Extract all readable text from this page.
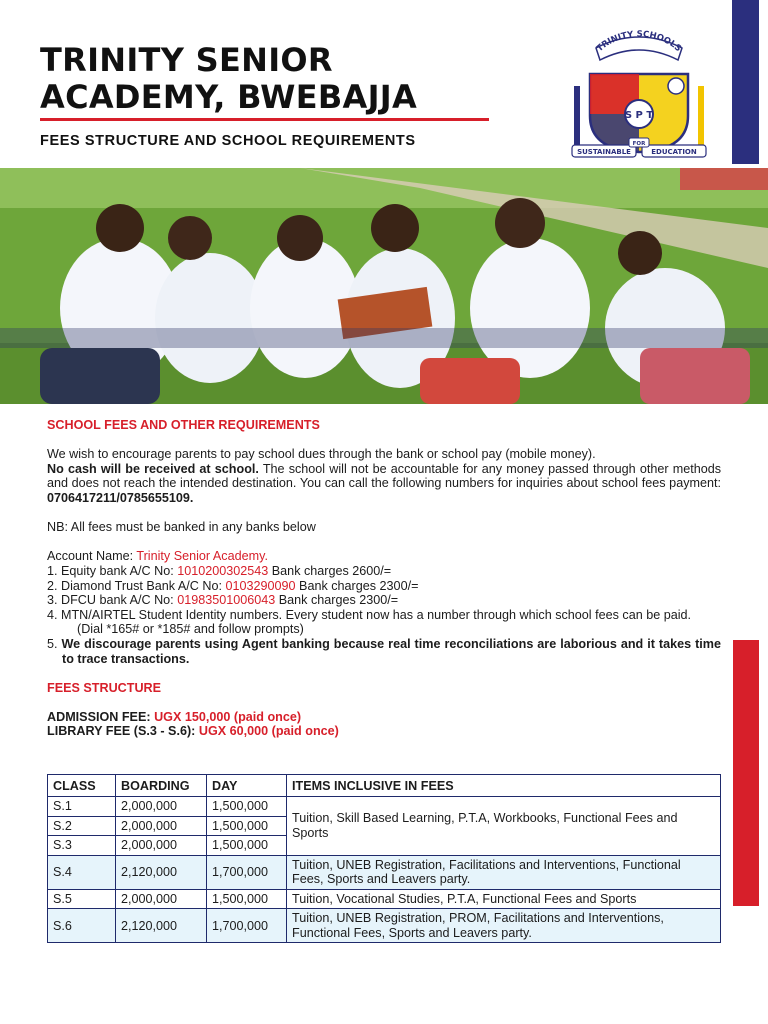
TRINITY SENIOR
ACADEMY, BWEBAJJA
FEES STRUCTURE AND SCHOOL REQUIREMENTS
S P T
TRINITY SCHOOLS
SUSTAINABLE
FOR
EDUCATION
SCHOOL FEES AND OTHER REQUIREMENTS

We wish to encourage parents to pay school dues through the bank or school pay (mobile money).
No cash will be received at school. The school will not be accountable for any money passed through other methods and does not reach the intended destination. You can call the following numbers for inquiries about school fees payment: 0706417211/0785655109.

NB: All fees must be banked in any banks below

Account Name: Trinity Senior Academy.

1. Equity bank A/C No: 1010200302543 Bank charges 2600/=
2. Diamond Trust Bank A/C No: 0103290090 Bank charges 2300/=
3. DFCU bank A/C No: 01983501006043 Bank charges 2300/=
4. MTN/AIRTEL Student Identity numbers. Every student now has a number through which school fees can be paid.
(Dial *165# or *185# and follow prompts)
5. We discourage parents using Agent banking because real time reconciliations are laborious and it takes time to trace transactions.
FEES STRUCTURE

ADMISSION FEE: UGX 150,000 (paid once)

LIBRARY FEE (S.3 - S.6): UGX 60,000 (paid once)

CLASS	BOARDING	DAY	ITEMS INCLUSIVE IN FEES
S.1	2,000,000	1,500,000	Tuition, Skill Based Learning, P.T.A, Workbooks, Functional Fees and Sports
S.2	2,000,000	1,500,000	
S.3	2,000,000	1,500,000	
S.4	2,120,000	1,700,000	Tuition, UNEB Registration, Facilitations and Interventions, Functional Fees, Sports and Leavers party.
S.5	2,000,000	1,500,000	Tuition, Vocational Studies, P.T.A, Functional Fees and Sports
S.6	2,120,000	1,700,000	Tuition, UNEB Registration, PROM, Facilitations and Interventions, Functional Fees, Sports and Leavers party.
